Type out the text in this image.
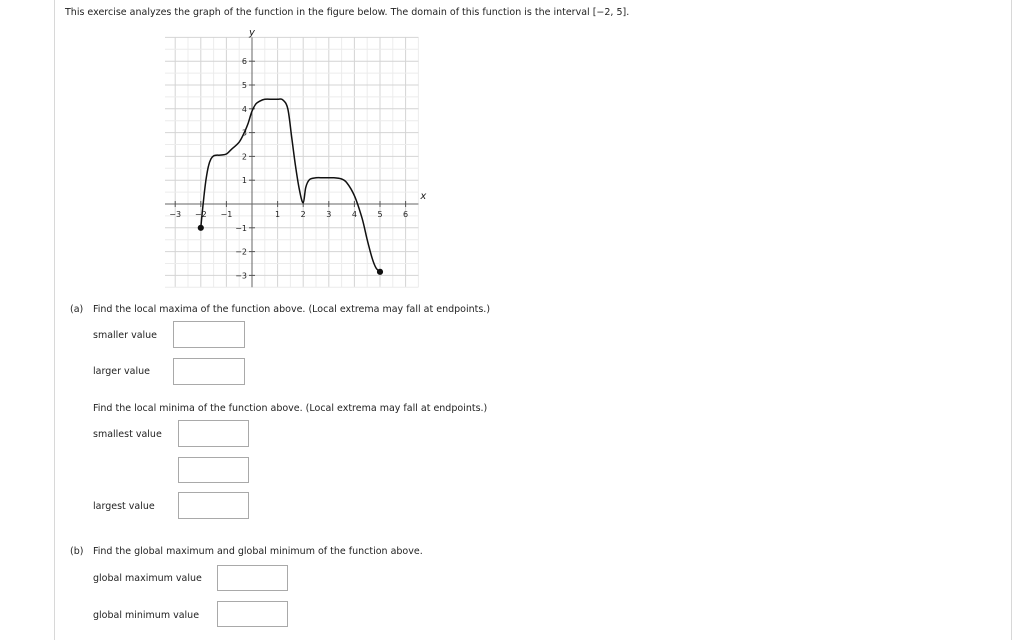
This exercise analyzes the graph of the function in the figure below. The domain of this function is the interval [−2, 5].
x
y
−3 −2 −1	1	2	3	4	5	6
−3
−2
−1
1
2
3
4
5
6
(a) Find the local maxima of the function above. (Local extrema may fall at endpoints.)
smaller value
larger value
Find the local minima of the function above. (Local extrema may fall at endpoints.)
smallest value
largest value
(b) Find the global maximum and global minimum of the function above.
global maximum value
global minimum value
